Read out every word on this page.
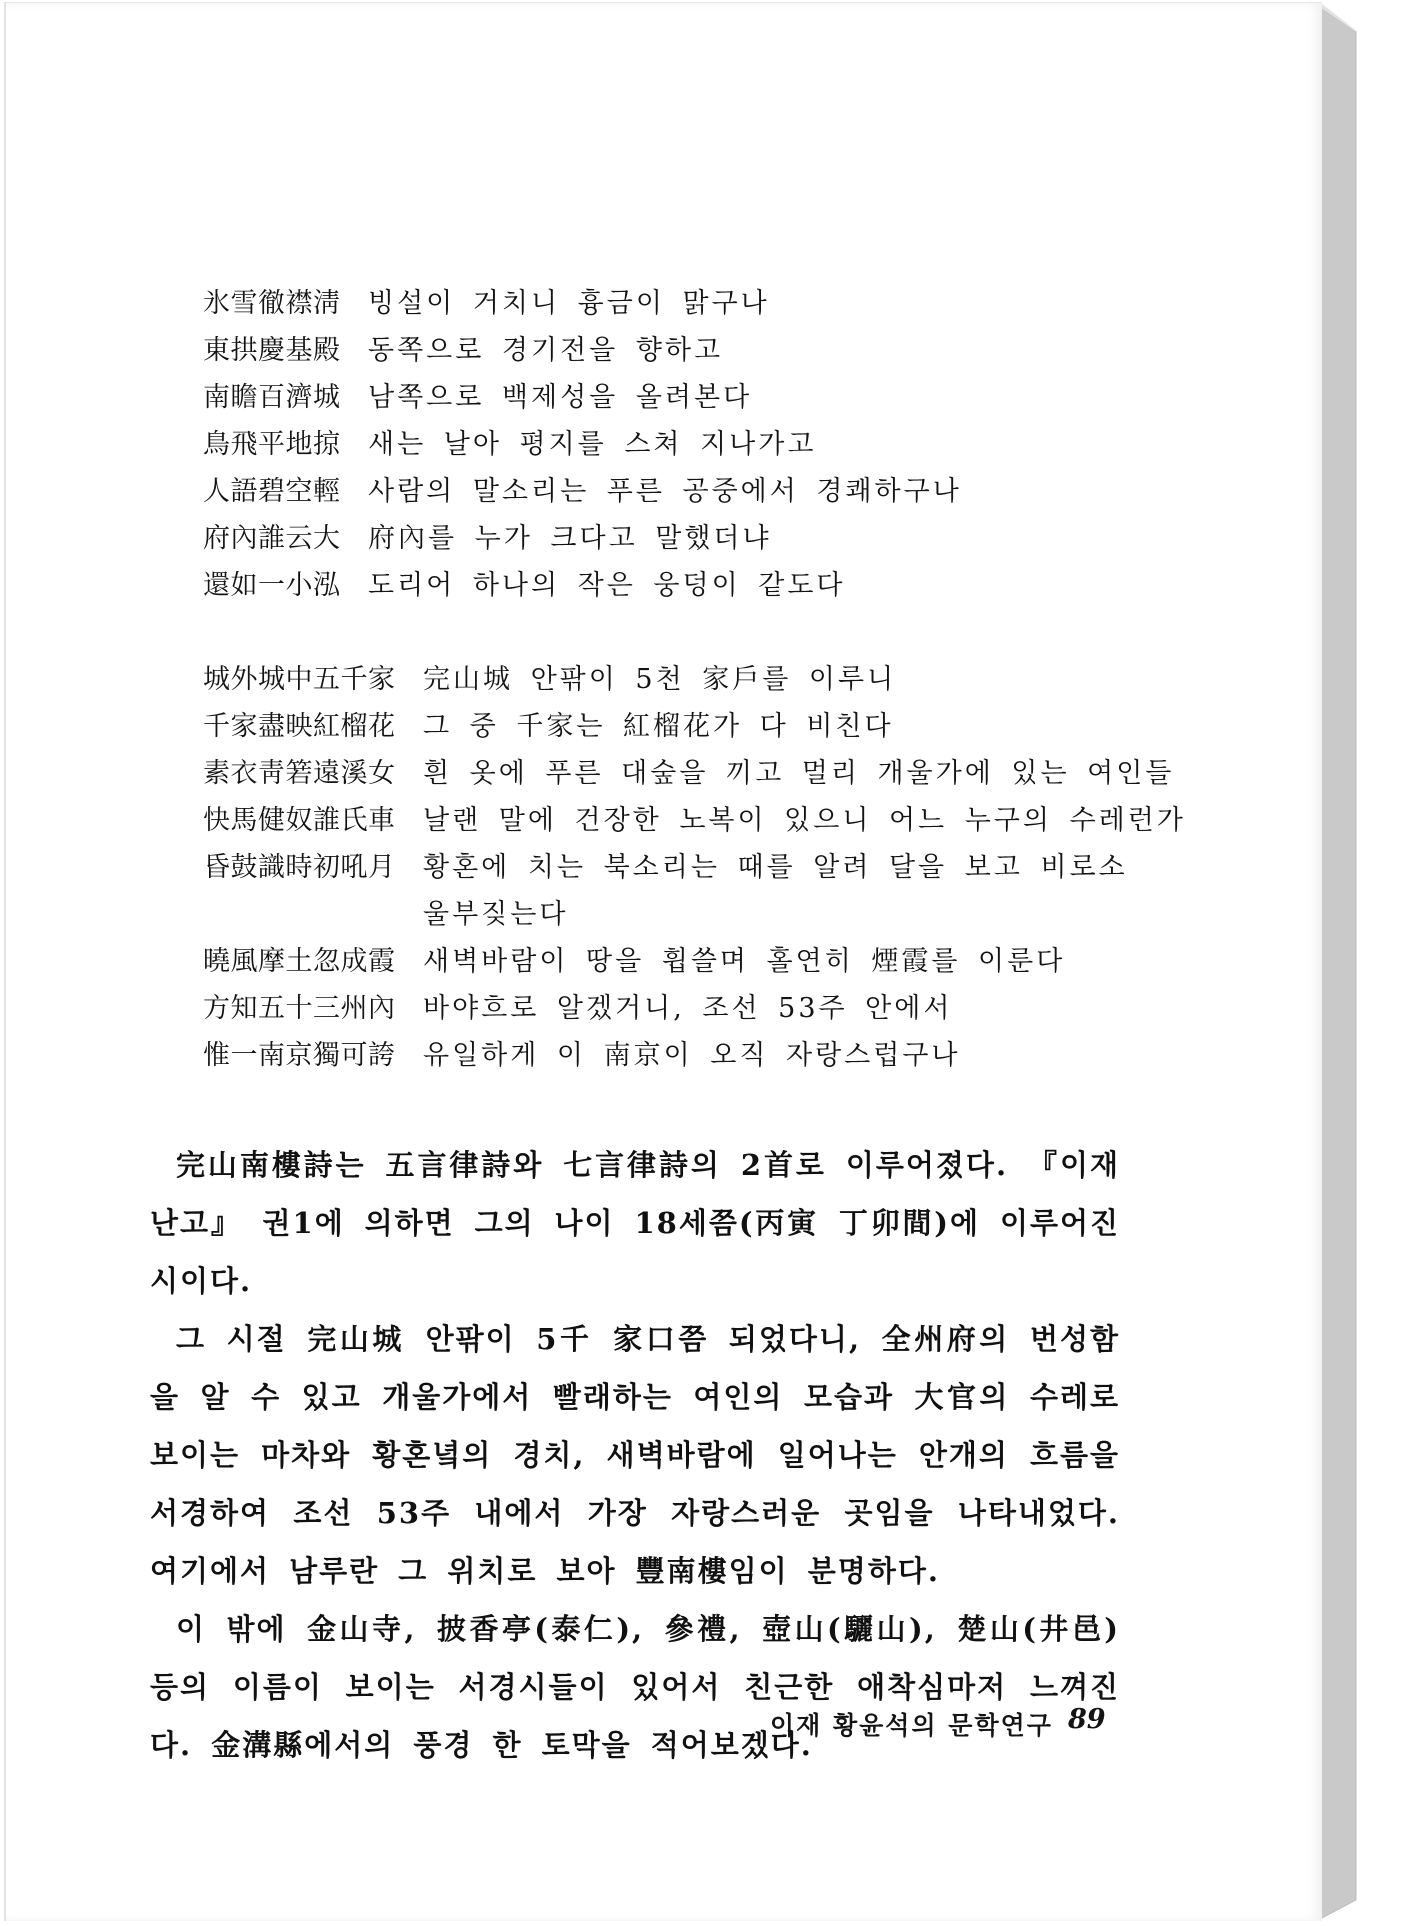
氷雪徹襟淸	빙설이 거치니 흉금이 맑구나
東拱慶基殿	동쪽으로 경기전을 향하고
南瞻百濟城	남쪽으로 백제성을 올려본다
鳥飛平地掠	새는 날아 평지를 스쳐 지나가고
人語碧空輕	사람의 말소리는 푸른 공중에서 경쾌하구나
府內誰云大	府內를 누가 크다고 말했더냐
還如一小泓	도리어 하나의 작은 웅덩이 같도다
城外城中五千家	完山城 안팎이 5천 家戶를 이루니
千家盡映紅榴花	그 중 千家는 紅榴花가 다 비친다
素衣靑箬遠溪女	흰 옷에 푸른 대숲을 끼고 멀리 개울가에 있는 여인들
快馬健奴誰氏車	날랜 말에 건장한 노복이 있으니 어느 누구의 수레런가
昏鼓識時初吼月	황혼에 치는 북소리는 때를 알려 달을 보고 비로소 울부짖는다
曉風摩土忽成霞	새벽바람이 땅을 휩쓸며 홀연히 煙霞를 이룬다
方知五十三州內	바야흐로 알겠거니, 조선 53주 안에서
惟一南京獨可誇	유일하게 이 南京이 오직 자랑스럽구나

完山南樓詩는 五言律詩와 七言律詩의 2首로 이루어졌다. 『이재난고』 권1에 의하면 그의 나이 18세쯤(丙寅 丁卯間)에 이루어진 시이다.

그 시절 完山城 안팎이 5千 家口쯤 되었다니, 全州府의 번성함을 알 수 있고 개울가에서 빨래하는 여인의 모습과 大官의 수레로 보이는 마차와 황혼녘의 경치, 새벽바람에 일어나는 안개의 흐름을 서경하여 조선 53주 내에서 가장 자랑스러운 곳임을 나타내었다. 여기에서 남루란 그 위치로 보아 豐南樓임이 분명하다.

이 밖에 金山寺, 披香亭(泰仁), 參禮, 壺山(驪山), 楚山(井邑) 등의 이름이 보이는 서경시들이 있어서 친근한 애착심마저 느껴진다. 金溝縣에서의 풍경 한 토막을 적어보겠다.

이재 황윤석의 문학연구 89
